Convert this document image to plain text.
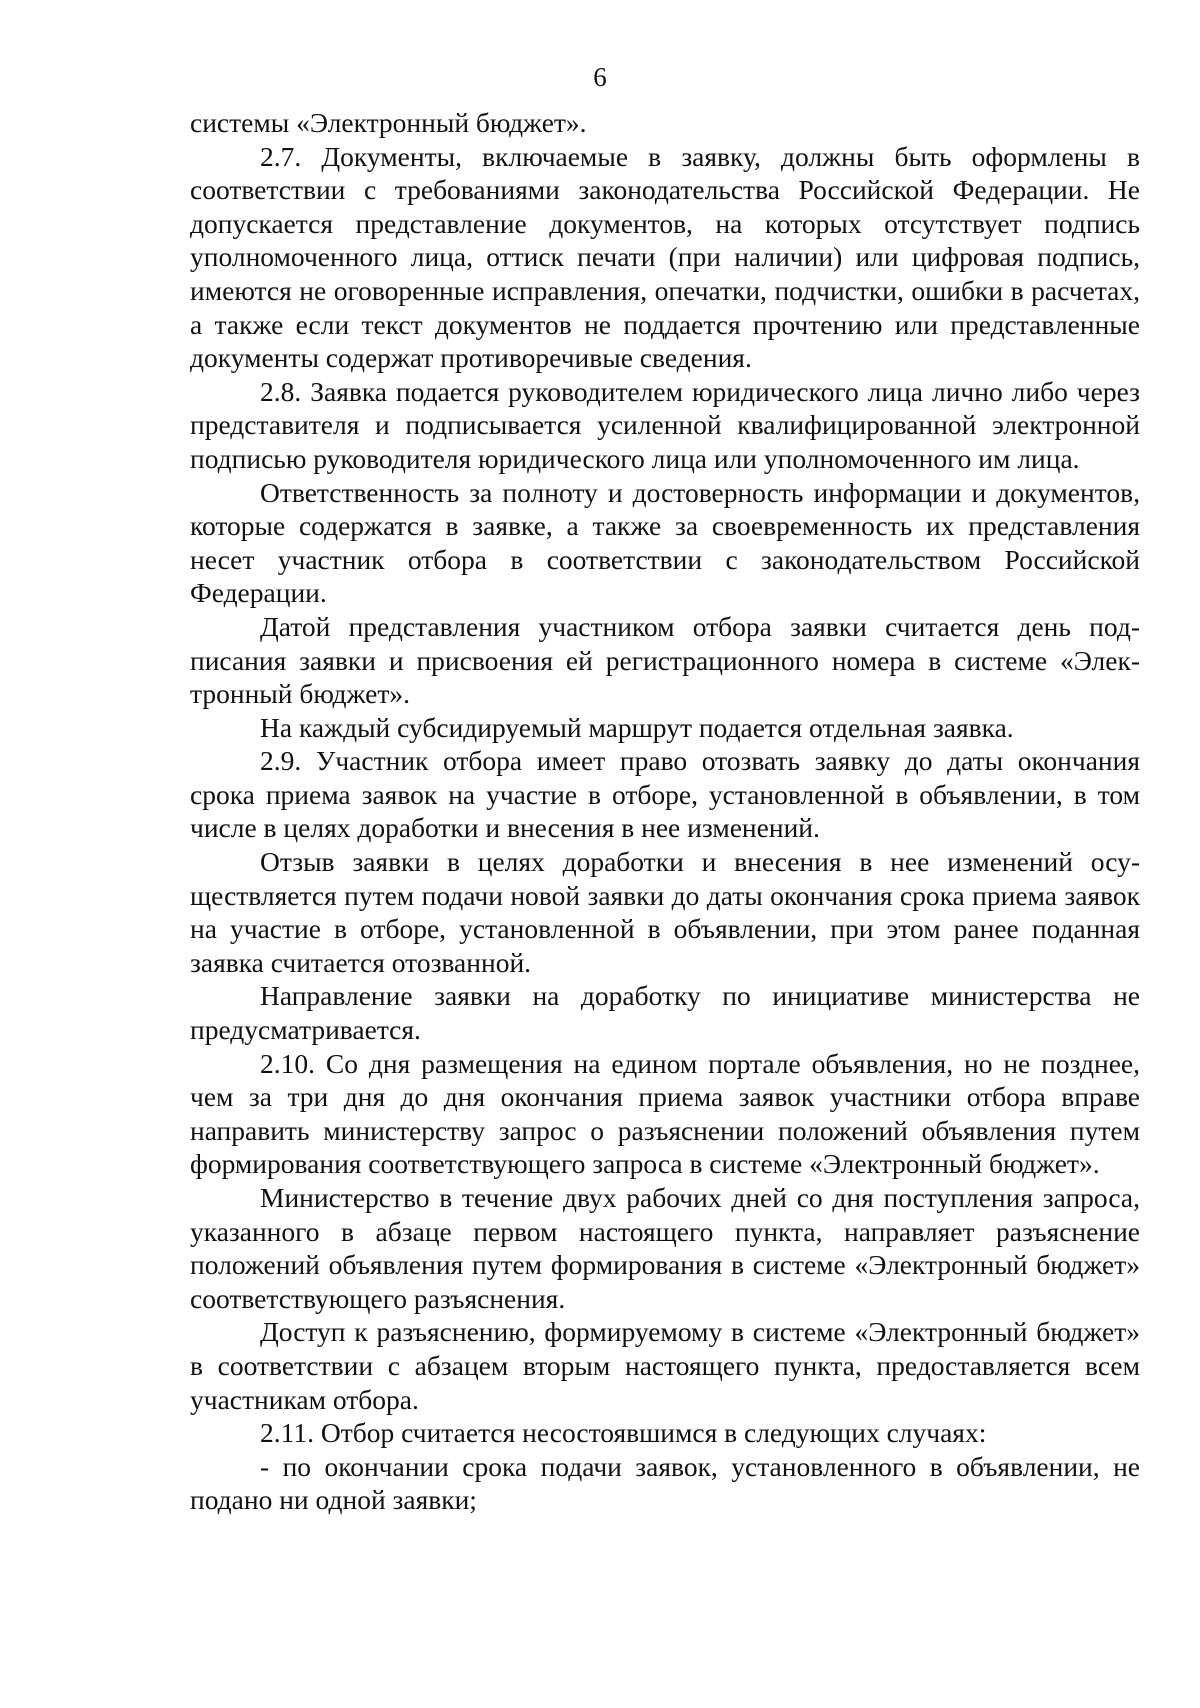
6

системы «Электронный бюджет».

2.7. Документы, включаемые в заявку, должны быть оформлены в соответствии с требованиями законодательства Российской Федерации. Не допускается представление документов, на которых отсутствует подпись уполномоченного лица, оттиск печати (при наличии) или цифровая подпись, имеются не оговоренные исправления, опечатки, подчистки, ошибки в расчетах, а также если текст документов не поддается прочтению или представленные документы содержат противоречивые сведения.

2.8. Заявка подается руководителем юридического лица лично либо через представителя и подписывается усиленной квалифицированной электронной подписью руководителя юридического лица или уполномоченного им лица.

Ответственность за полноту и достоверность информации и документов, которые содержатся в заявке, а также за своевременность их представления несет участник отбора в соответствии с законодательством Российской Федерации.

Датой представления участником отбора заявки считается день подписания заявки и присвоения ей регистрационного номера в системе «Электронный бюджет».

На каждый субсидируемый маршрут подается отдельная заявка.

2.9. Участник отбора имеет право отозвать заявку до даты окончания срока приема заявок на участие в отборе, установленной в объявлении, в том числе в целях доработки и внесения в нее изменений.

Отзыв заявки в целях доработки и внесения в нее изменений осуществляется путем подачи новой заявки до даты окончания срока приема заявок на участие в отборе, установленной в объявлении, при этом ранее поданная заявка считается отозванной.

Направление заявки на доработку по инициативе министерства не предусматривается.

2.10. Со дня размещения на едином портале объявления, но не позднее, чем за три дня до дня окончания приема заявок участники отбора вправе направить министерству запрос о разъяснении положений объявления путем формирования соответствующего запроса в системе «Электронный бюджет».

Министерство в течение двух рабочих дней со дня поступления запроса, указанного в абзаце первом настоящего пункта, направляет разъяснение положений объявления путем формирования в системе «Электронный бюджет» соответствующего разъяснения.

Доступ к разъяснению, формируемому в системе «Электронный бюджет» в соответствии с абзацем вторым настоящего пункта, предоставляется всем участникам отбора.

2.11. Отбор считается несостоявшимся в следующих случаях:

- по окончании срока подачи заявок, установленного в объявлении, не подано ни одной заявки;
